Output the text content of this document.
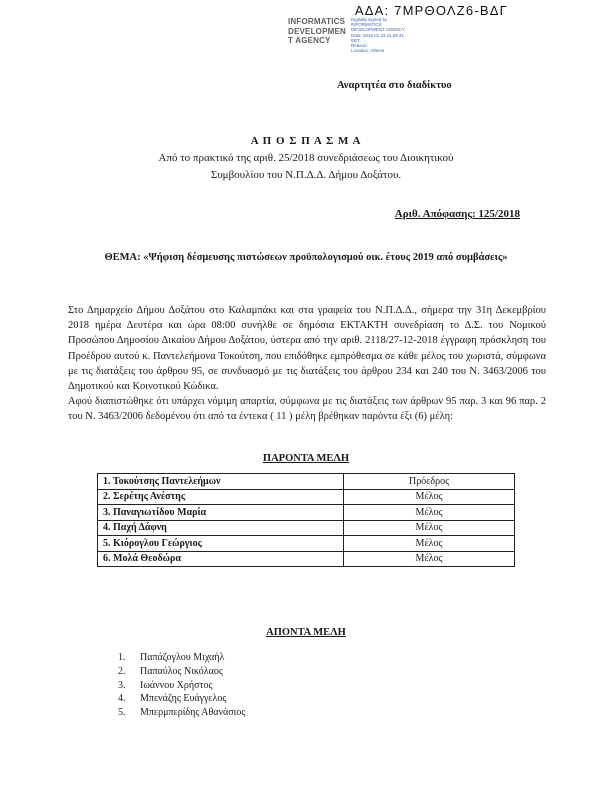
ΑΔΑ: 7ΜΡΘΟΛΖ6-ΒΔΓ
INFORMATICS
DEVELOPMEN
T AGENCY
Digitally signed by
INFORMATICS
DEVELOPMENT AGENCY
Date: 2019.01.23 11:29:31
EET
Reason:
Location: Athens
Αναρτητέα στο διαδίκτυο
Α Π Ο Σ Π Α Σ Μ Α
Από το πρακτικό της αριθ. 25/2018 συνεδριάσεως του Διοικητικού
Συμβουλίου του Ν.Π.Δ.Δ. Δήμου Δοξάτου.
Αριθ. Απόφασης: 125/2018
ΘΕΜΑ: «Ψήφιση δέσμευσης πιστώσεων προϋπολογισμού οικ. έτους 2019 από συμβάσεις»

Στο Δημαρχείο Δήμου Δοξάτου στο Καλαμπάκι και στα γραφεία του Ν.Π.Δ.Δ., σήμερα την 31η Δεκεμβρίου 2018 ημέρα Δευτέρα και ώρα 08:00 συνήλθε σε δημόσια ΕΚΤΑΚΤΗ συνεδρίαση το Δ.Σ. του Νομικού Προσώπου Δημοσίου Δικαίου Δήμου Δοξάτου, ύστερα από την αριθ. 2118/27-12-2018 έγγραφη πρόσκληση του Προέδρου αυτού κ. Παντελεήμονα Τοκούτση, που επιδόθηκε εμπρόθεσμα σε κάθε μέλος του χωριστά, σύμφωνα με τις διατάξεις του άρθρου 95, σε συνδυασμό με τις διατάξεις του άρθρου 234 και 240 του Ν. 3463/2006 του Δημοτικού και Κοινοτικού Κώδικα.

Αφού διαπιστώθηκε ότι υπάρχει νόμιμη απαρτία, σύμφωνα με τις διατάξεις των άρθρων 95 παρ. 3 και 96 παρ. 2 του Ν. 3463/2006 δεδομένου ότι από τα έντεκα ( 11 ) μέλη βρέθηκαν παρόντα έξι (6) μέλη:

ΠΑΡΟΝΤΑ ΜΕΛΗ
1. Τοκούτσης Παντελεήμων	Πρόεδρος
2. Σερέτης Ανέστης	Μέλος
3. Παναγιωτίδου Μαρία	Μέλος
4. Παχή Δάφνη	Μέλος
5. Κιόρογλου Γεώργιος	Μέλος
6. Μολά Θεοδώρα	Μέλος
ΑΠΟΝΤΑ ΜΕΛΗ
1.	Παπάζογλου Μιχαήλ
2.	Παπαύλος Νικόλαος
3.	Ιωάννου Χρήστος
4.	Μπενάζης Ευάγγελος
5.	Μπερμπερίδης Αθανάσιος
